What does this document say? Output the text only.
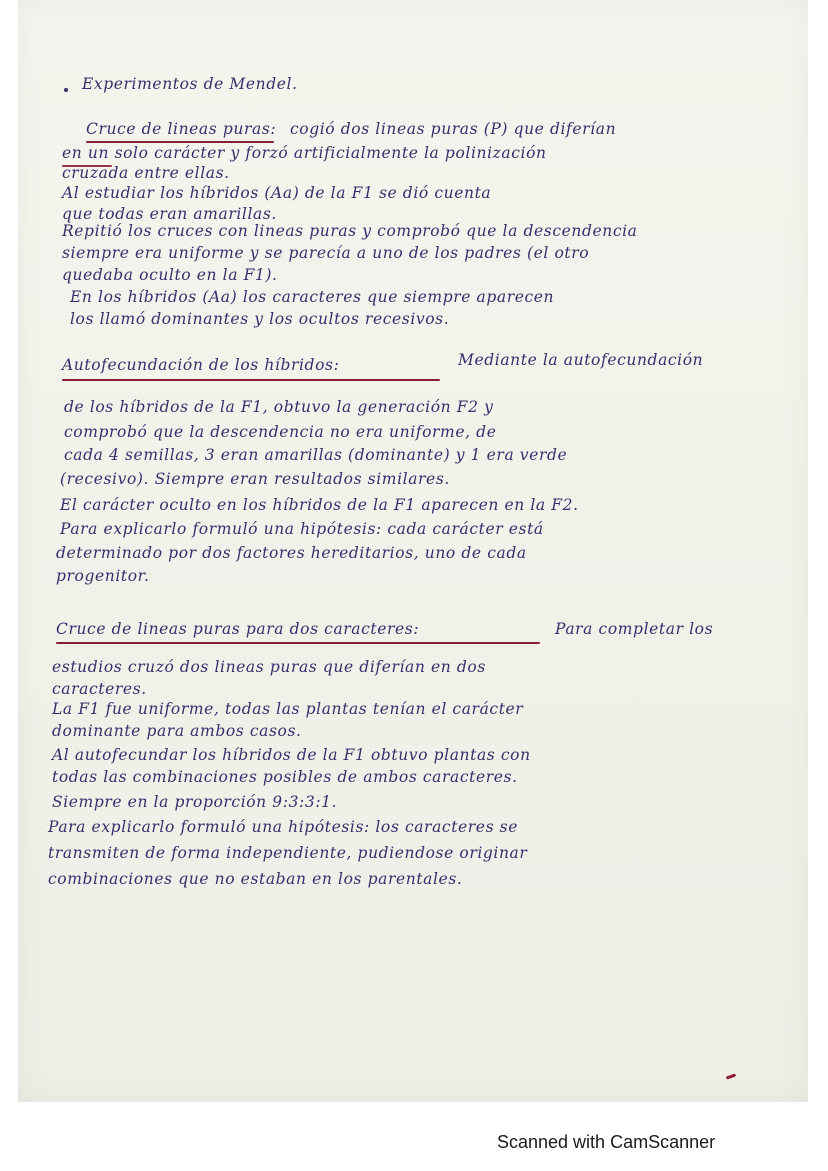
Experimentos de Mendel.
Cruce de lineas puras: cogió dos lineas puras (P) que diferían
en un solo carácter y forzó artificialmente la polinización
cruzada entre ellas.
Al estudiar los híbridos (Aa) de la F1 se dió cuenta
que todas eran amarillas.
Repitió los cruces con lineas puras y comprobó que la descendencia
siempre era uniforme y se parecía a uno de los padres (el otro
quedaba oculto en la F1).
En los híbridos (Aa) los caracteres que siempre aparecen
los llamó dominantes y los ocultos recesivos.
Autofecundación de los híbridos:	Mediante la autofecundación
de los híbridos de la F1, obtuvo la generación F2 y
comprobó que la descendencia no era uniforme, de
cada 4 semillas, 3 eran amarillas (dominante) y 1 era verde
(recesivo). Siempre eran resultados similares.
El carácter oculto en los híbridos de la F1 aparecen en la F2.
Para explicarlo formuló una hipótesis: cada carácter está
determinado por dos factores hereditarios, uno de cada
progenitor.
Cruce de lineas puras para dos caracteres:	Para completar los
estudios cruzó dos lineas puras que diferían en dos
caracteres.
La F1 fue uniforme, todas las plantas tenían el carácter
dominante para ambos casos.
Al autofecundar los híbridos de la F1 obtuvo plantas con
todas las combinaciones posibles de ambos caracteres.
Siempre en la proporción 9:3:3:1.
Para explicarlo formuló una hipótesis: los caracteres se
transmiten de forma independiente, pudiendose originar
combinaciones que no estaban en los parentales.
Scanned with CamScanner
